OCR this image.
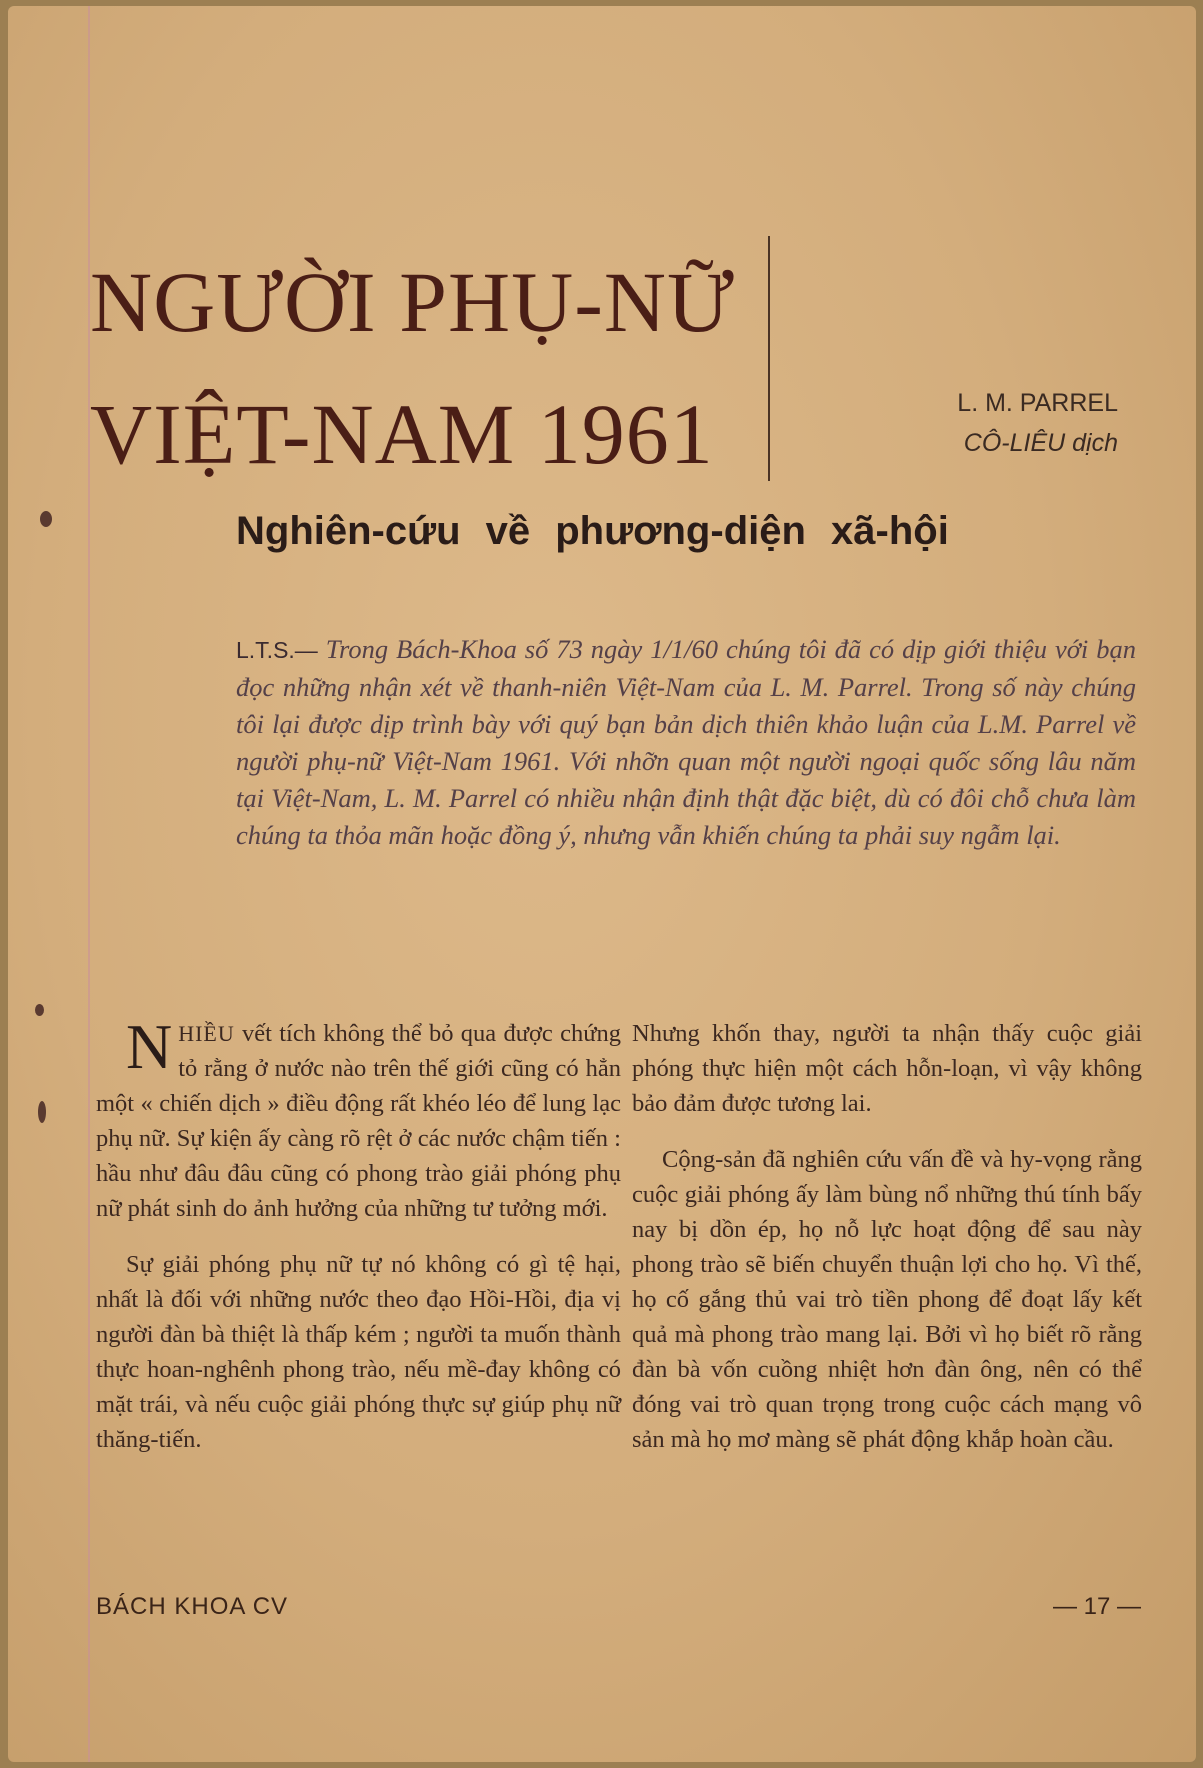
NGƯỜI PHỤ-NỮ
VIỆT-NAM 1961	L. M. PARREL
CÔ-LIÊU dịch
Nghiên-cứu về phương-diện xã-hội
L.T.S.— Trong Bách-Khoa số 73 ngày 1/1/60 chúng tôi đã có dịp giới thiệu với bạn đọc những nhận xét về thanh-niên Việt-Nam của L. M. Parrel. Trong số này chúng tôi lại được dịp trình bày với quý bạn bản dịch thiên khảo luận của L.M. Parrel về người phụ-nữ Việt-Nam 1961. Với nhỡn quan một người ngoại quốc sống lâu năm tại Việt-Nam, L. M. Parrel có nhiều nhận định thật đặc biệt, dù có đôi chỗ chưa làm chúng ta thỏa mãn hoặc đồng ý, nhưng vẫn khiến chúng ta phải suy ngẫm lại.

NHIỀU vết tích không thể bỏ qua được chứng tỏ rằng ở nước nào trên thế giới cũng có hẳn một « chiến dịch » điều động rất khéo léo để lung lạc phụ nữ. Sự kiện ấy càng rõ rệt ở các nước chậm tiến : hầu như đâu đâu cũng có phong trào giải phóng phụ nữ phát sinh do ảnh hưởng của những tư tưởng mới.

Sự giải phóng phụ nữ tự nó không có gì tệ hại, nhất là đối với những nước theo đạo Hồi-Hồi, địa vị người đàn bà thiệt là thấp kém ; người ta muốn thành thực hoan-nghênh phong trào, nếu mề-đay không có mặt trái, và nếu cuộc giải phóng thực sự giúp phụ nữ thăng-tiến.

Nhưng khốn thay, người ta nhận thấy cuộc giải phóng thực hiện một cách hỗn-loạn, vì vậy không bảo đảm được tương lai.

Cộng-sản đã nghiên cứu vấn đề và hy-vọng rằng cuộc giải phóng ấy làm bùng nổ những thú tính bấy nay bị dồn ép, họ nỗ lực hoạt động để sau này phong trào sẽ biến chuyển thuận lợi cho họ. Vì thế, họ cố gắng thủ vai trò tiền phong để đoạt lấy kết quả mà phong trào mang lại. Bởi vì họ biết rõ rằng đàn bà vốn cuồng nhiệt hơn đàn ông, nên có thể đóng vai trò quan trọng trong cuộc cách mạng vô sản mà họ mơ màng sẽ phát động khắp hoàn cầu.

BÁCH KHOA CV	— 17 —
